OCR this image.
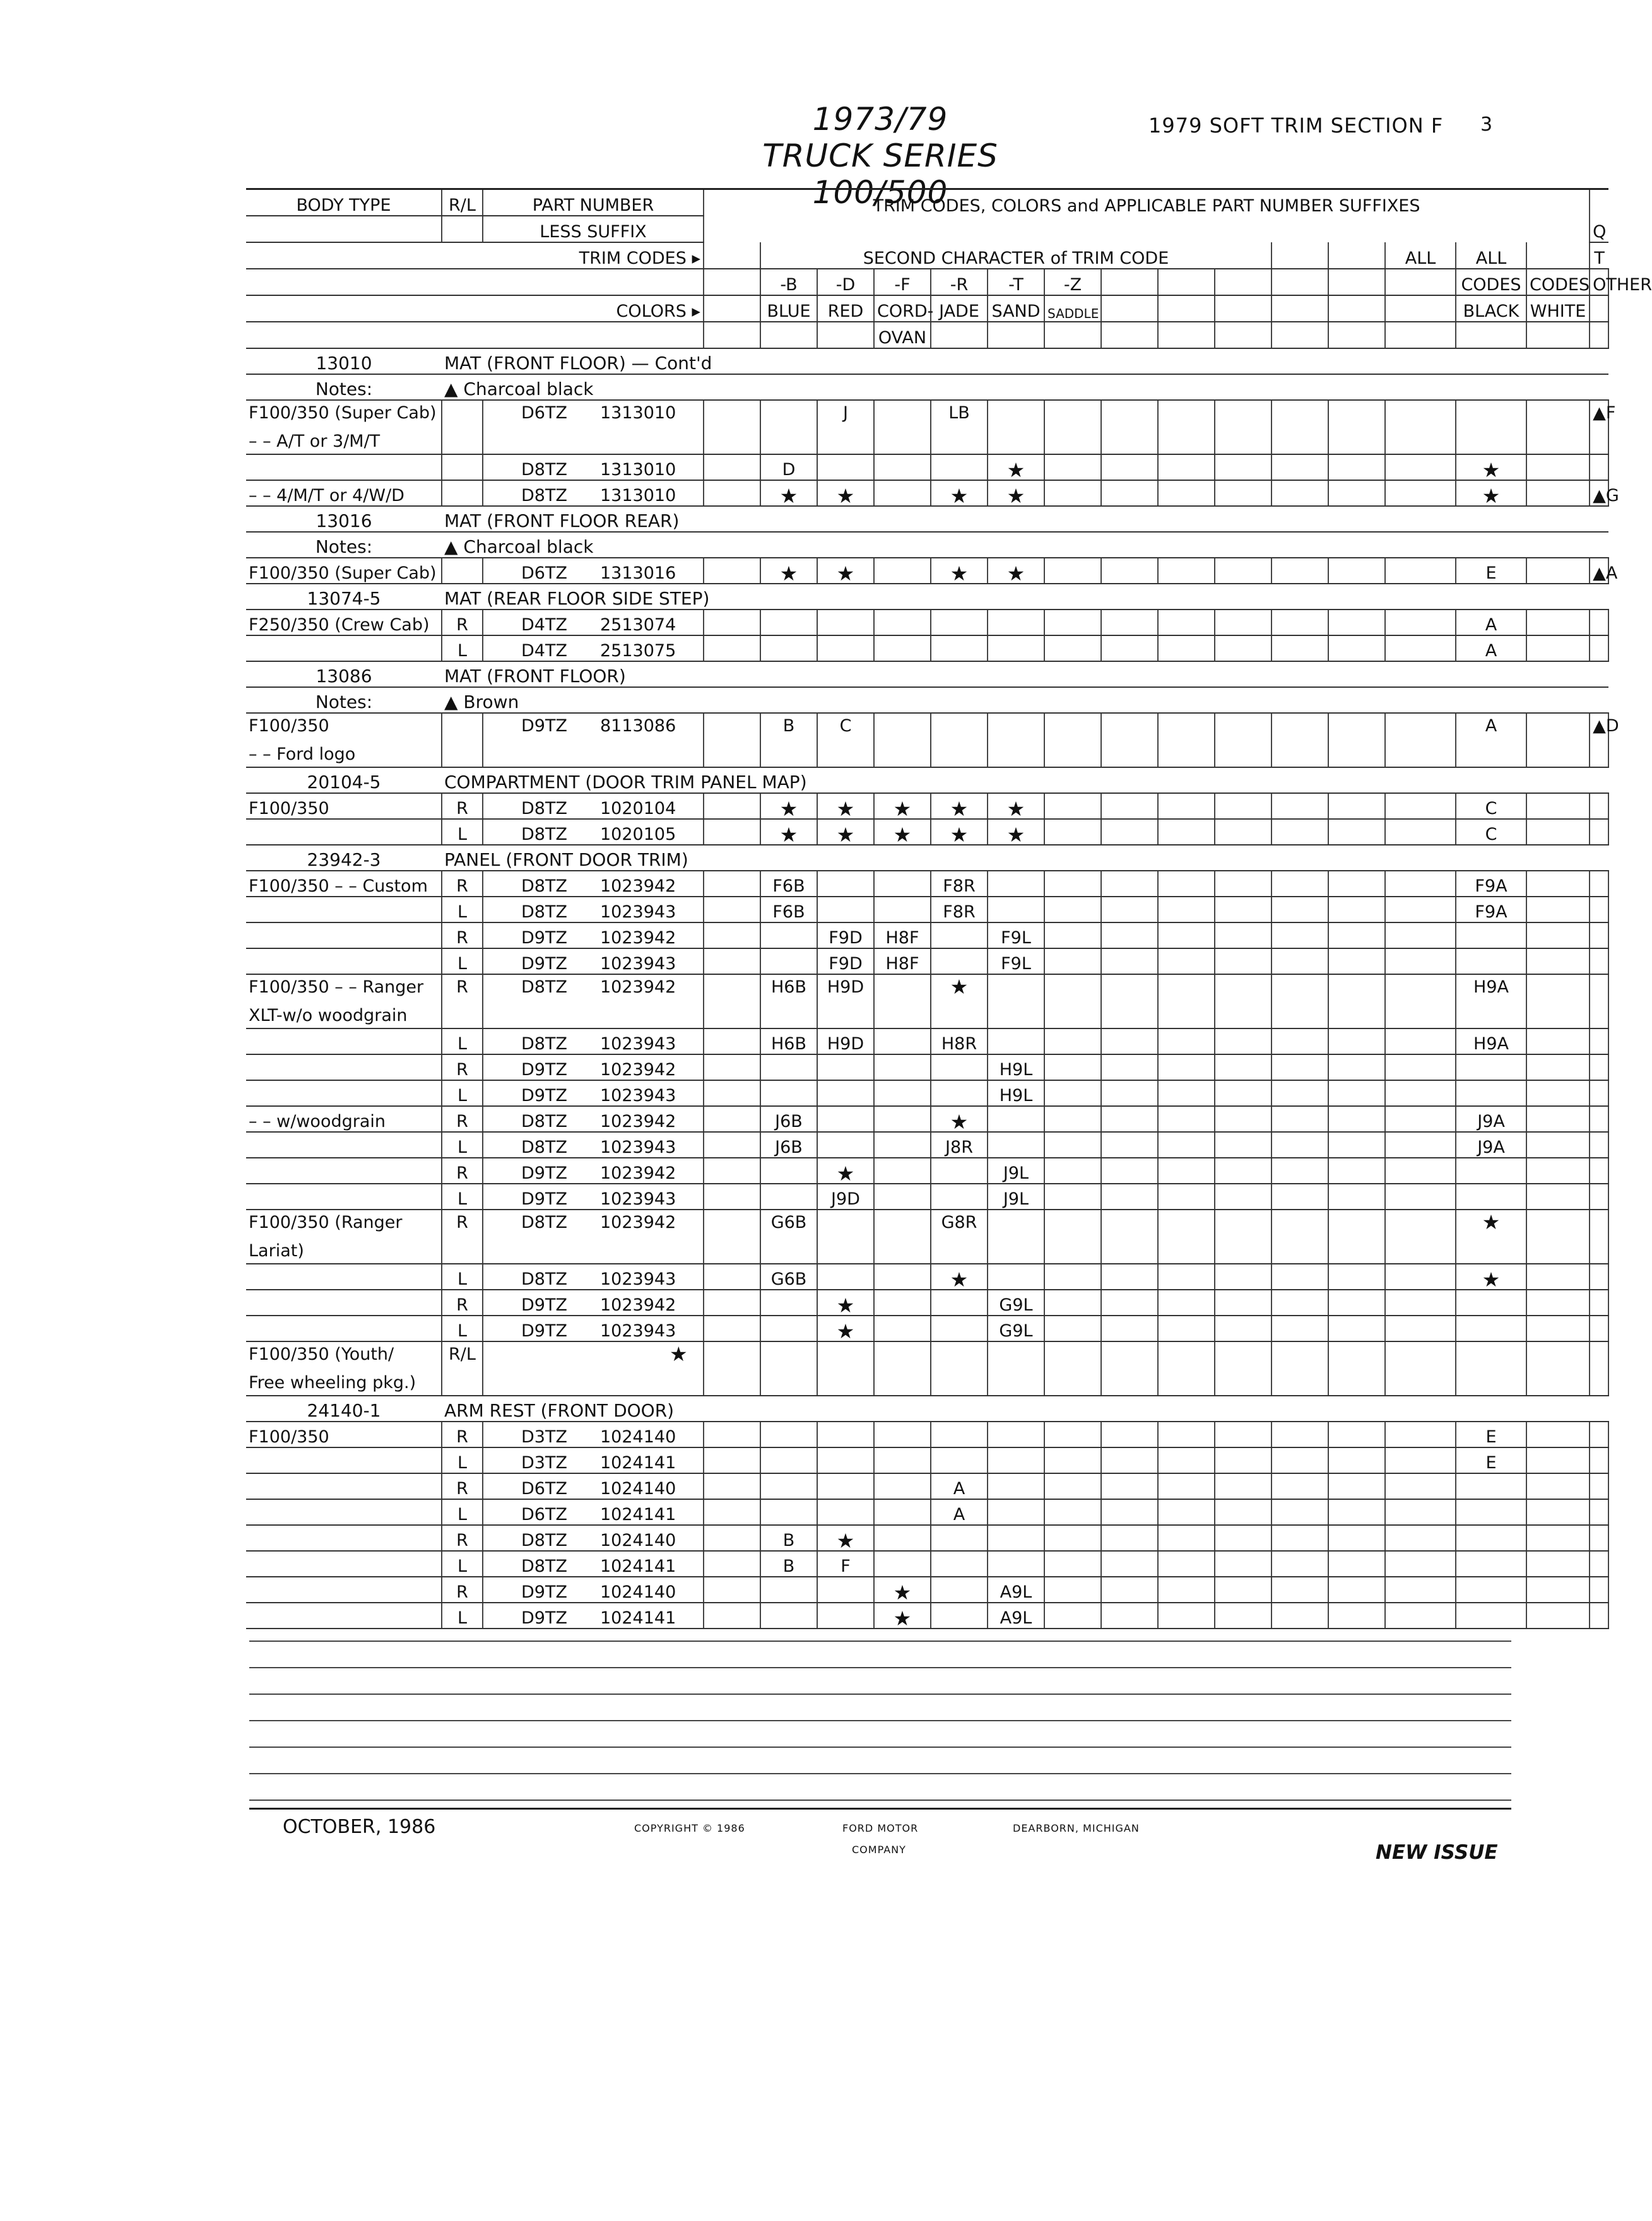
1973/79
TRUCK SERIES 100/500
1979 SOFT TRIM SECTION F 3
BODY TYPE	R/L	PART NUMBER	TRIM CODES, COLORS and APPLICABLE PART NUMBER SUFFIXES																
		LESS SUFFIX																Q	
		TRIM CODES ▸		SECOND CHARACTER of TRIM CODE											ALL	ALL		T	
				-B	-D	-F	-R	-T	-Z							CODES	CODES	OTHER	
		COLORS ▸		BLUE	RED	CORD-	JADE	SAND	SADDLE							BLACK	WHITE		
						OVAN													
13010	MAT (FRONT FLOOR) — Cont'd																		
Notes:	▲ Charcoal black																		

F100/350 (Super Cab)
– – A/T or 3/M/T		D6TZ 1313010			J		LB											▲F	

		D8TZ 1313010		D				★								★			

– – 4/M/T or 4/W/D		D8TZ 1313010		★	★		★	★								★		▲G	
13016	MAT (FRONT FLOOR REAR)																		
Notes:	▲ Charcoal black																		

F100/350 (Super Cab)		D6TZ 1313016		★	★		★	★								E		▲A	
13074-5	MAT (REAR FLOOR SIDE STEP)																		

F250/350 (Crew Cab)	R	D4TZ 2513074														A			

	L	D4TZ 2513075														A			
13086	MAT (FRONT FLOOR)																		
Notes:	▲ Brown																		

F100/350
– – Ford logo		D9TZ 8113086		B	C											A		▲D	
20104-5	COMPARTMENT (DOOR TRIM PANEL MAP)																		

F100/350	R	D8TZ 1020104		★	★	★	★	★								C			

	L	D8TZ 1020105		★	★	★	★	★								C			
23942-3	PANEL (FRONT DOOR TRIM)																		

F100/350 – – Custom	R	D8TZ 1023942		F6B			F8R									F9A			

	L	D8TZ 1023943		F6B			F8R									F9A			

	R	D9TZ 1023942			F9D	H8F		F9L											

	L	D9TZ 1023943			F9D	H8F		F9L											

F100/350 – – Ranger
XLT-w/o woodgrain	R	D8TZ 1023942		H6B	H9D		★									H9A			

	L	D8TZ 1023943		H6B	H9D		H8R									H9A			

	R	D9TZ 1023942						H9L											

	L	D9TZ 1023943						H9L											

– – w/woodgrain	R	D8TZ 1023942		J6B			★									J9A			

	L	D8TZ 1023943		J6B			J8R									J9A			

	R	D9TZ 1023942			★			J9L											

	L	D9TZ 1023943			J9D			J9L											

F100/350 (Ranger
Lariat)	R	D8TZ 1023942		G6B			G8R									★			

	L	D8TZ 1023943		G6B			★									★			

	R	D9TZ 1023942			★			G9L											

	L	D9TZ 1023943			★			G9L											

F100/350 (Youth/
Free wheeling pkg.)	R/L	★																	
24140-1	ARM REST (FRONT DOOR)																		

F100/350	R	D3TZ 1024140														E			

	L	D3TZ 1024141														E			

	R	D6TZ 1024140					A												

	L	D6TZ 1024141					A												

	R	D8TZ 1024140		B	★														

	L	D8TZ 1024141		B	F														

	R	D9TZ 1024140				★		A9L											

	L	D9TZ 1024141				★		A9L											
OCTOBER, 1986	COPYRIGHT © 1986	FORD MOTOR
COMPANY
DEARBORN, MICHIGAN
NEW ISSUE
